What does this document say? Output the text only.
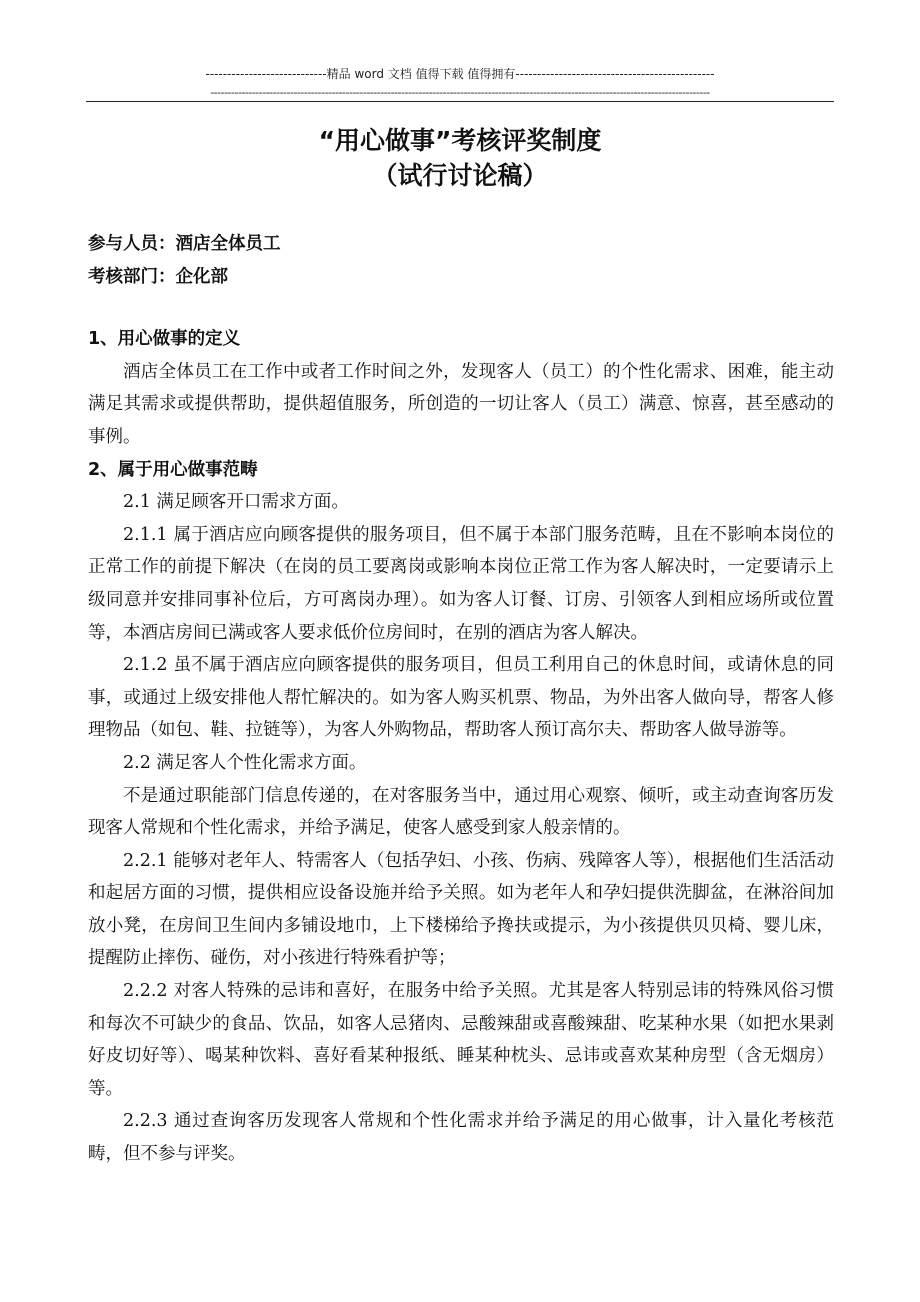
----------------------------精品 word 文档 值得下载 值得拥有----------------------------------------------
------------------------------------------------------------------------------------------------------------------------------------------------
“用心做事”考核评奖制度
（试行讨论稿）

参与人员：酒店全体员工

考核部门：企化部

1、用心做事的定义

酒店全体员工在工作中或者工作时间之外，发现客人（员工）的个性化需求、困难，能主动满足其需求或提供帮助，提供超值服务，所创造的一切让客人（员工）满意、惊喜，甚至感动的事例。

2、属于用心做事范畴

2.1 满足顾客开口需求方面。

2.1.1 属于酒店应向顾客提供的服务项目，但不属于本部门服务范畴，且在不影响本岗位的正常工作的前提下解决（在岗的员工要离岗或影响本岗位正常工作为客人解决时，一定要请示上级同意并安排同事补位后，方可离岗办理）。如为客人订餐、订房、引领客人到相应场所或位置等，本酒店房间已满或客人要求低价位房间时，在别的酒店为客人解决。

2.1.2 虽不属于酒店应向顾客提供的服务项目，但员工利用自己的休息时间，或请休息的同事，或通过上级安排他人帮忙解决的。如为客人购买机票、物品，为外出客人做向导，帮客人修理物品（如包、鞋、拉链等），为客人外购物品，帮助客人预订高尔夫、帮助客人做导游等。

2.2 满足客人个性化需求方面。

不是通过职能部门信息传递的，在对客服务当中，通过用心观察、倾听，或主动查询客历发现客人常规和个性化需求，并给予满足，使客人感受到家人般亲情的。

2.2.1 能够对老年人、特需客人（包括孕妇、小孩、伤病、残障客人等），根据他们生活活动和起居方面的习惯，提供相应设备设施并给予关照。如为老年人和孕妇提供洗脚盆，在淋浴间加放小凳，在房间卫生间内多铺设地巾，上下楼梯给予搀扶或提示，为小孩提供贝贝椅、婴儿床，提醒防止摔伤、碰伤，对小孩进行特殊看护等；

2.2.2 对客人特殊的忌讳和喜好，在服务中给予关照。尤其是客人特别忌讳的特殊风俗习惯和每次不可缺少的食品、饮品，如客人忌猪肉、忌酸辣甜或喜酸辣甜、吃某种水果（如把水果剥好皮切好等）、喝某种饮料、喜好看某种报纸、睡某种枕头、忌讳或喜欢某种房型（含无烟房）等。

2.2.3 通过查询客历发现客人常规和个性化需求并给予满足的用心做事，计入量化考核范畴，但不参与评奖。
